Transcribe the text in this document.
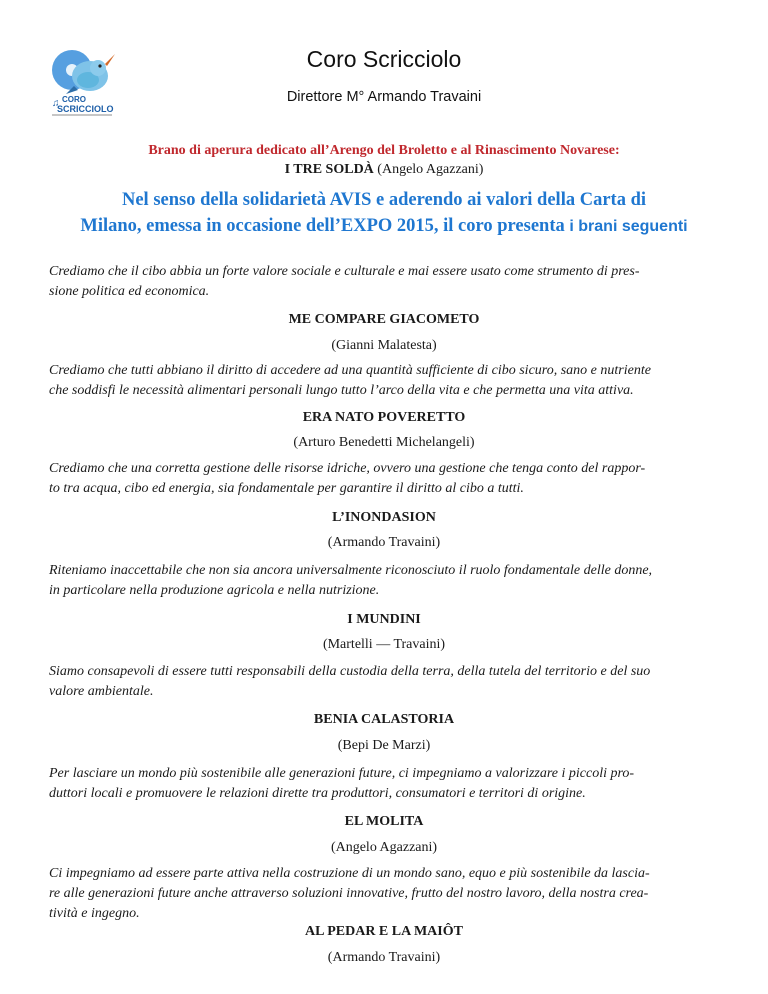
♫ CORO
SCRICCIOLO
Coro Scricciolo
Direttore M° Armando Travaini
Brano di aperura dedicato all’Arengo del Broletto e al Rinascimento Novarese:
I TRE SOLDÀ (Angelo Agazzani)
Nel senso della solidarietà AVIS e aderendo ai valori della Carta di
Milano, emessa in occasione dell’EXPO 2015, il coro presenta i brani seguenti
Crediamo che il cibo abbia un forte valore sociale e culturale e mai essere usato come strumento di pres-
sione politica ed economica.
ME COMPARE GIACOMETO
(Gianni Malatesta)
Crediamo che tutti abbiano il diritto di accedere ad una quantità sufficiente di cibo sicuro, sano e nutriente
che soddisfi le necessità alimentari personali lungo tutto l’arco della vita e che permetta una vita attiva.
ERA NATO POVERETTO
(Arturo Benedetti Michelangeli)
Crediamo che una corretta gestione delle risorse idriche, ovvero una gestione che tenga conto del rappor-
to tra acqua, cibo ed energia, sia fondamentale per garantire il diritto al cibo a tutti.
L’INONDASION
(Armando Travaini)
Riteniamo inaccettabile che non sia ancora universalmente riconosciuto il ruolo fondamentale delle donne,
in particolare nella produzione agricola e nella nutrizione.
I MUNDINI
(Martelli — Travaini)
Siamo consapevoli di essere tutti responsabili della custodia della terra, della tutela del territorio e del suo
valore ambientale.
BENIA CALASTORIA
(Bepi De Marzi)
Per lasciare un mondo più sostenibile alle generazioni future, ci impegniamo a valorizzare i piccoli pro-
duttori locali e promuovere le relazioni dirette tra produttori, consumatori e territori di origine.
EL MOLITA
(Angelo Agazzani)
Ci impegniamo ad essere parte attiva nella costruzione di un mondo sano, equo e più sostenibile da lascia-
re alle generazioni future anche attraverso soluzioni innovative, frutto del nostro lavoro, della nostra crea-
tività e ingegno.
AL PEDAR E LA MAIÔT
(Armando Travaini)
